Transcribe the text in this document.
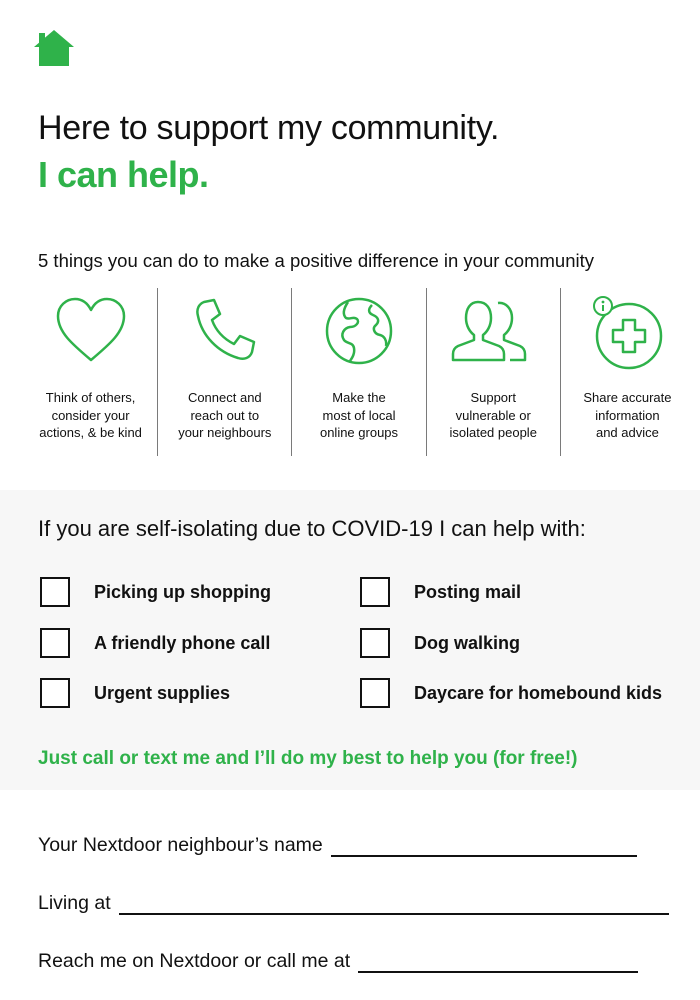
Here to support my community.
I can help.
5 things you can do to make a positive difference in your community
Think of others,
consider your
actions, & be kind
Connect and
reach out to
your neighbours
Make the
most of local
online groups
Support
vulnerable or
isolated people
Share accurate
information
and advice
If you are self-isolating due to COVID-19 I can help with:
Picking up shopping	Posting mail
A friendly phone call	Dog walking
Urgent supplies	Daycare for homebound kids
Just call or text me and I’ll do my best to help you (for free!)
Your Nextdoor neighbour’s name
Living at
Reach me on Nextdoor or call me at
